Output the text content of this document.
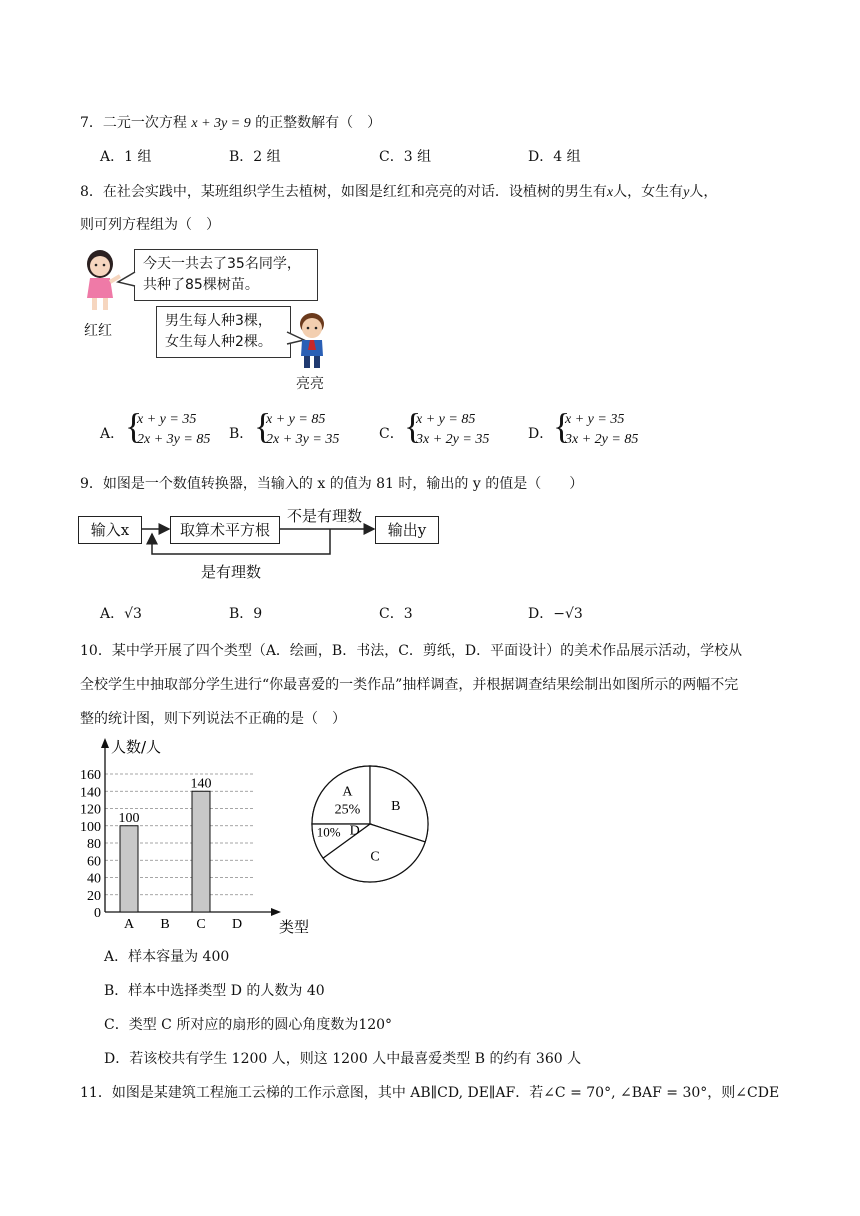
7．二元一次方程 x + 3y = 9 的正整数解有（　）
A．1 组	B．2 组	C．3 组	D．4 组
8．在社会实践中，某班组织学生去植树，如图是红红和亮亮的对话．设植树的男生有x人，女生有y人，
则可列方程组为（　）
红红
今天一共去了35名同学，
共种了85棵树苗。
男生每人种3棵，
女生每人种2棵。
亮亮
A． {
x + y = 35
2x + 3y = 85 B． {
x + y = 85
2x + 3y = 35	C． {
x + y = 85
3x + 2y = 35	D． {
x + y = 35
3x + 2y = 85
9．如图是一个数值转换器，当输入的 x 的值为 81 时，输出的 y 的值是（　　）
输入x	取算术平方根	输出y
不是有理数
是有理数
A．√3	B．9	C．3	D．−√3
10．某中学开展了四个类型（A．绘画，B．书法，C．剪纸，D．平面设计）的美术作品展示活动，学校从
全校学生中抽取部分学生进行“你最喜爱的一类作品”抽样调查，并根据调查结果绘制出如图所示的两幅不完
整的统计图，则下列说法不正确的是（　）
0
20
40
60
80
100
120
140
160
人数/人
类型
A
100
B C
140
D
A
25% B
C
D
10%
A．样本容量为 400
B．样本中选择类型 D 的人数为 40
C．类型 C 所对应的扇形的圆心角度数为120°
D．若该校共有学生 1200 人，则这 1200 人中最喜爱类型 B 的约有 360 人
11．如图是某建筑工程施工云梯的工作示意图，其中 AB∥CD, DE∥AF．若∠C = 70°, ∠BAF = 30°，则∠CDE
